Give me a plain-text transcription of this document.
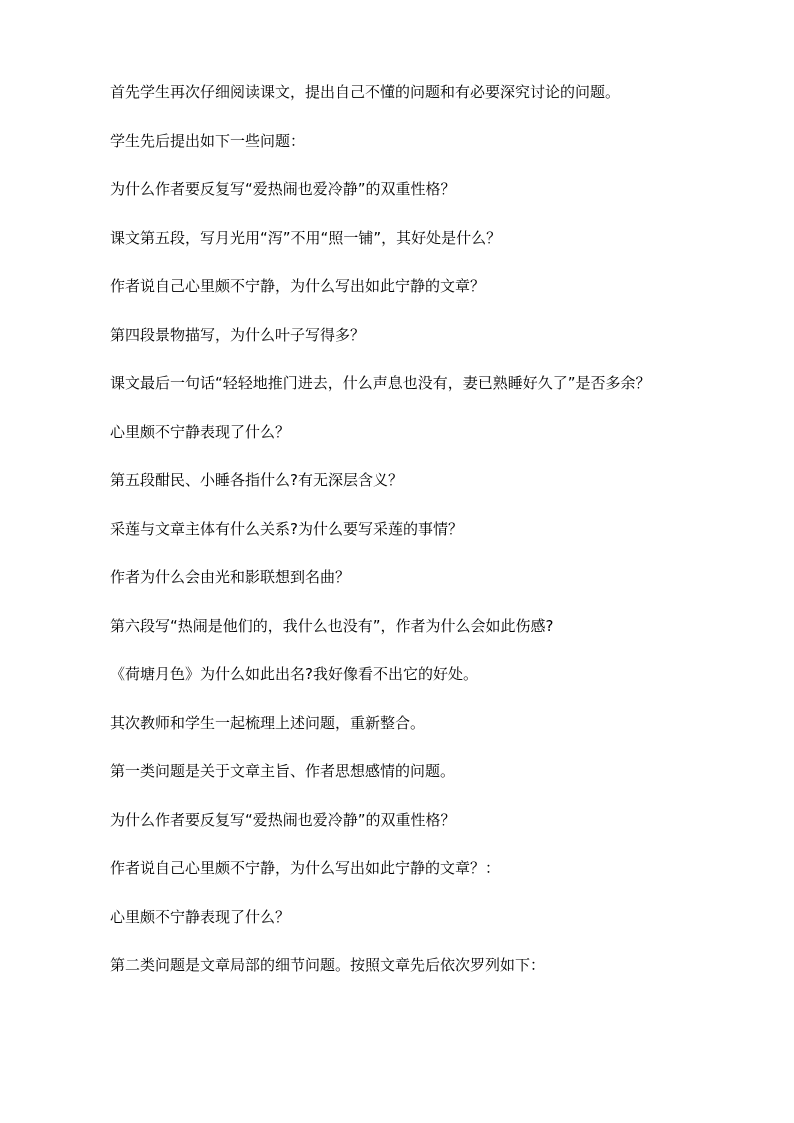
首先学生再次仔细阅读课文，提出自己不懂的问题和有必要深究讨论的问题。
学生先后提出如下一些问题：
为什么作者要反复写“爱热闹也爱冷静”的双重性格？
课文第五段，写月光用“泻”不用“照一铺”，其好处是什么？
作者说自己心里颇不宁静，为什么写出如此宁静的文章？
第四段景物描写，为什么叶子写得多？
课文最后一句话“轻轻地推门进去，什么声息也没有，妻已熟睡好久了”是否多余？
心里颇不宁静表现了什么？
第五段酣民、小睡各指什么?有无深层含义？
采莲与文章主体有什么关系?为什么要写采莲的事情？
作者为什么会由光和影联想到名曲？
第六段写“热闹是他们的，我什么也没有”，作者为什么会如此伤感?
《荷塘月色》为什么如此出名?我好像看不出它的好处。
其次教师和学生一起梳理上述问题，重新整合。
第一类问题是关于文章主旨、作者思想感情的问题。
为什么作者要反复写“爱热闹也爱冷静”的双重性格？
作者说自己心里颇不宁静，为什么写出如此宁静的文章？：
心里颇不宁静表现了什么？
第二类问题是文章局部的细节问题。按照文章先后依次罗列如下：
